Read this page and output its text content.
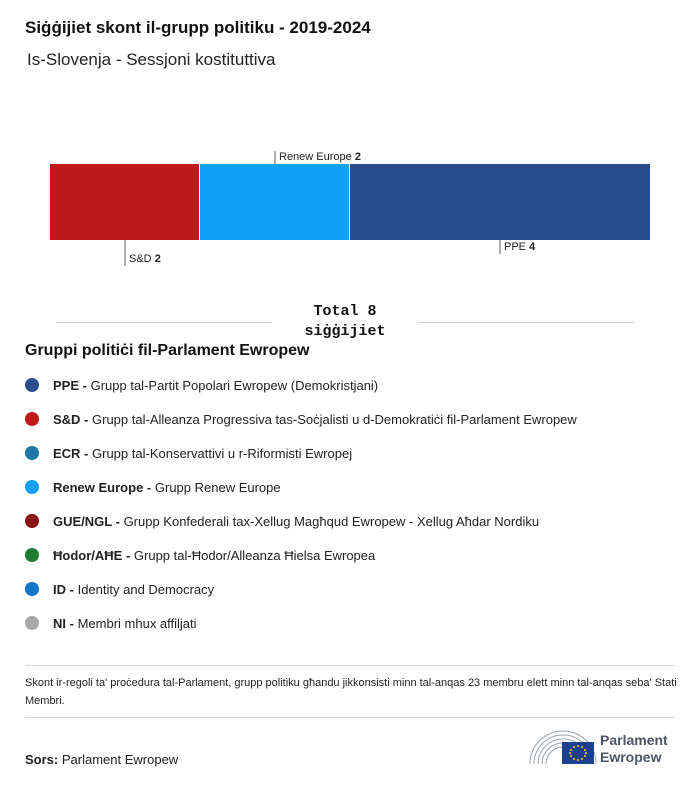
Siġġijiet skont il-grupp politiku - 2019-2024
Is-Slovenja - Sessjoni kostituttiva
S&D 2
Renew Europe 2
PPE 4
Total 8
siġġijiet
Gruppi politiċi fil-Parlament Ewropew
PPE - Grupp tal-Partit Popolari Ewropew (Demokristjani)
S&D - Grupp tal-Alleanza Progressiva tas-Soċjalisti u d-Demokratiċi fil-Parlament Ewropew
ECR - Grupp tal-Konservattivi u r-Riformisti Ewropej
Renew Europe - Grupp Renew Europe
GUE/NGL - Grupp Konfederali tax-Xellug Magħqud Ewropew - Xellug Aħdar Nordiku
Ħodor/AĦE - Grupp tal-Ħodor/Alleanza Ħielsa Ewropea
ID - Identity and Democracy
NI - Membri mhux affiljati
Skont ir-regoli ta' proċedura tal-Parlament, grupp politiku għandu jikkonsisti minn tal-anqas 23 membru elett minn tal-anqas seba' Stati Membri.
Sors: Parlament Ewropew
Parlament
Ewropew
